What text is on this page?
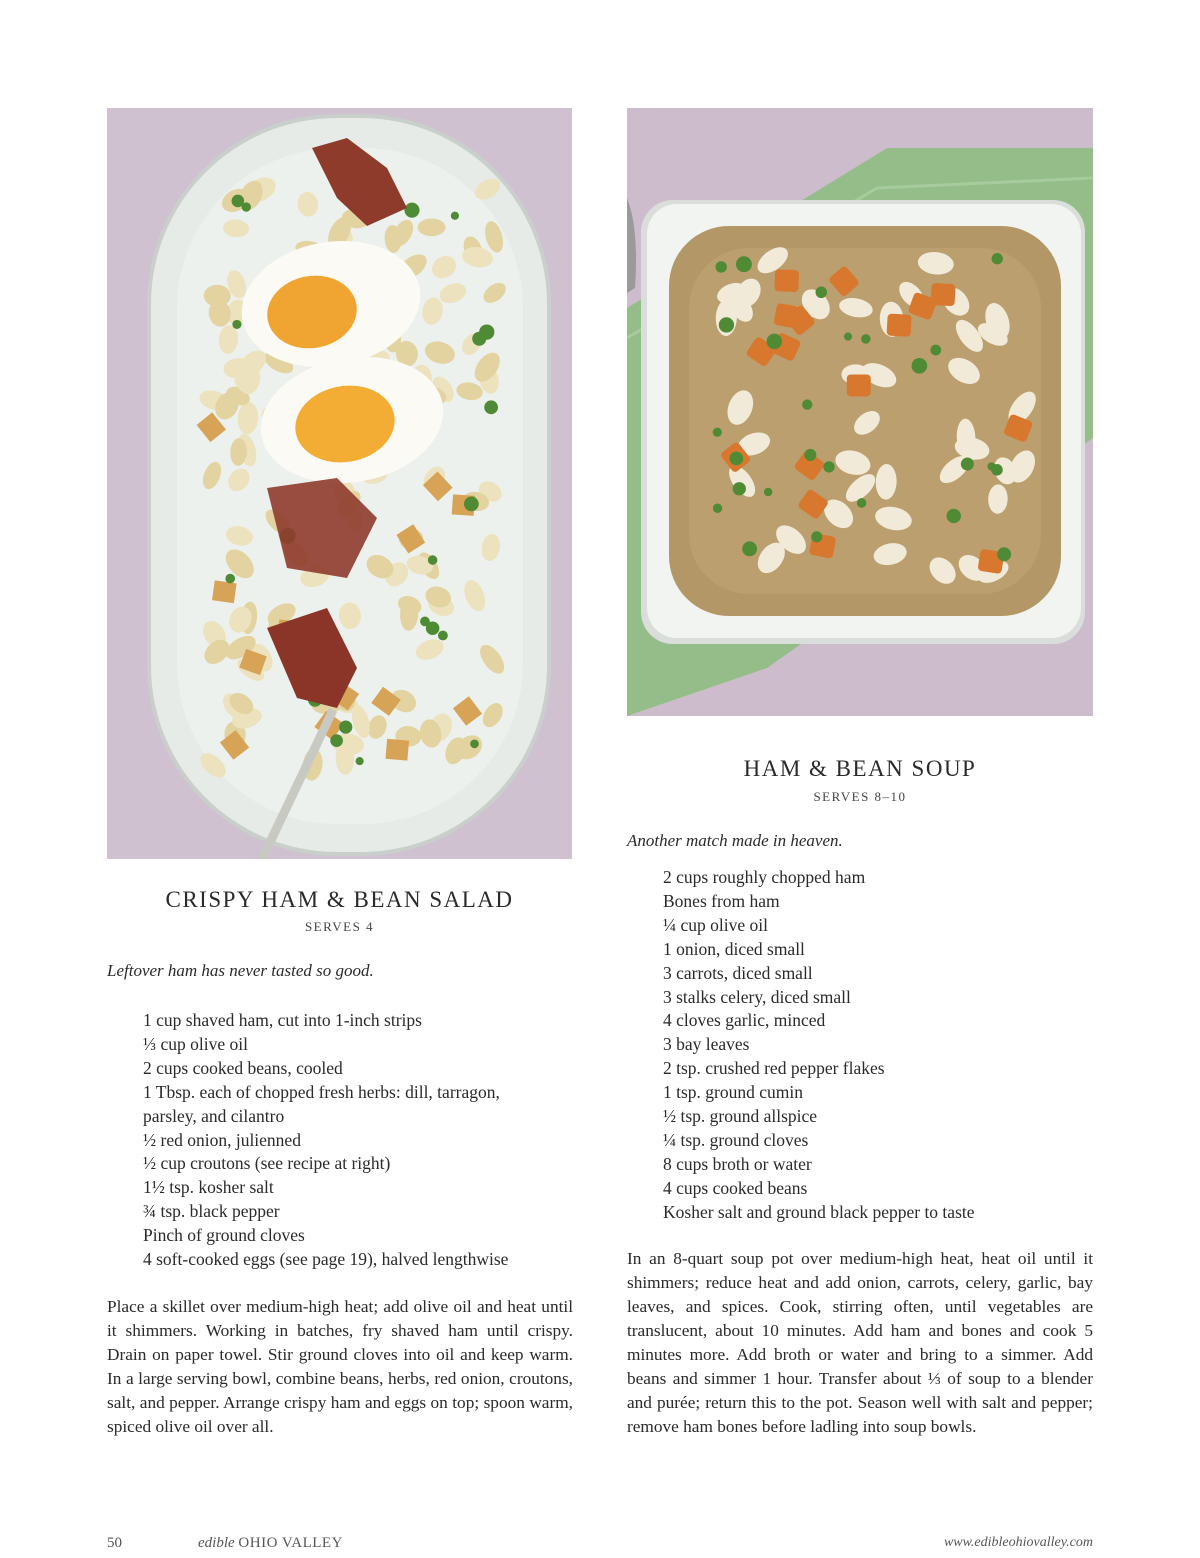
HAM & BEAN SOUP
SERVES 8–10
Another match made in heaven.
2 cups roughly chopped ham
Bones from ham
¼ cup olive oil
1 onion, diced small
3 carrots, diced small
3 stalks celery, diced small
4 cloves garlic, minced
3 bay leaves
2 tsp. crushed red pepper flakes
1 tsp. ground cumin
½ tsp. ground allspice
¼ tsp. ground cloves
8 cups broth or water
4 cups cooked beans
Kosher salt and ground black pepper to taste

In an 8-quart soup pot over medium-high heat, heat oil until it shimmers; reduce heat and add onion, carrots, celery, garlic, bay leaves, and spices. Cook, stirring often, until vegetables are translucent, about 10 minutes. Add ham and bones and cook 5 minutes more. Add broth or water and bring to a simmer. Add beans and simmer 1 hour. Transfer about ⅓ of soup to a blender and purée; return this to the pot. Season well with salt and pepper; remove ham bones before ladling into soup bowls.

CRISPY HAM & BEAN SALAD
SERVES 4
Leftover ham has never tasted so good.
1 cup shaved ham, cut into 1-inch strips
⅓ cup olive oil
2 cups cooked beans, cooled
1 Tbsp. each of chopped fresh herbs: dill, tarragon,
parsley, and cilantro
½ red onion, julienned
½ cup croutons (see recipe at right)
1½ tsp. kosher salt
¾ tsp. black pepper
Pinch of ground cloves
4 soft-cooked eggs (see page 19), halved lengthwise

Place a skillet over medium-high heat; add olive oil and heat until it shimmers. Working in batches, fry shaved ham until crispy. Drain on paper towel. Stir ground cloves into oil and keep warm. In a large serving bowl, combine beans, herbs, red onion, croutons, salt, and pepper. Arrange crispy ham and eggs on top; spoon warm, spiced olive oil over all.

50	edible OHIO VALLEY	www.edibleohiovalley.com
